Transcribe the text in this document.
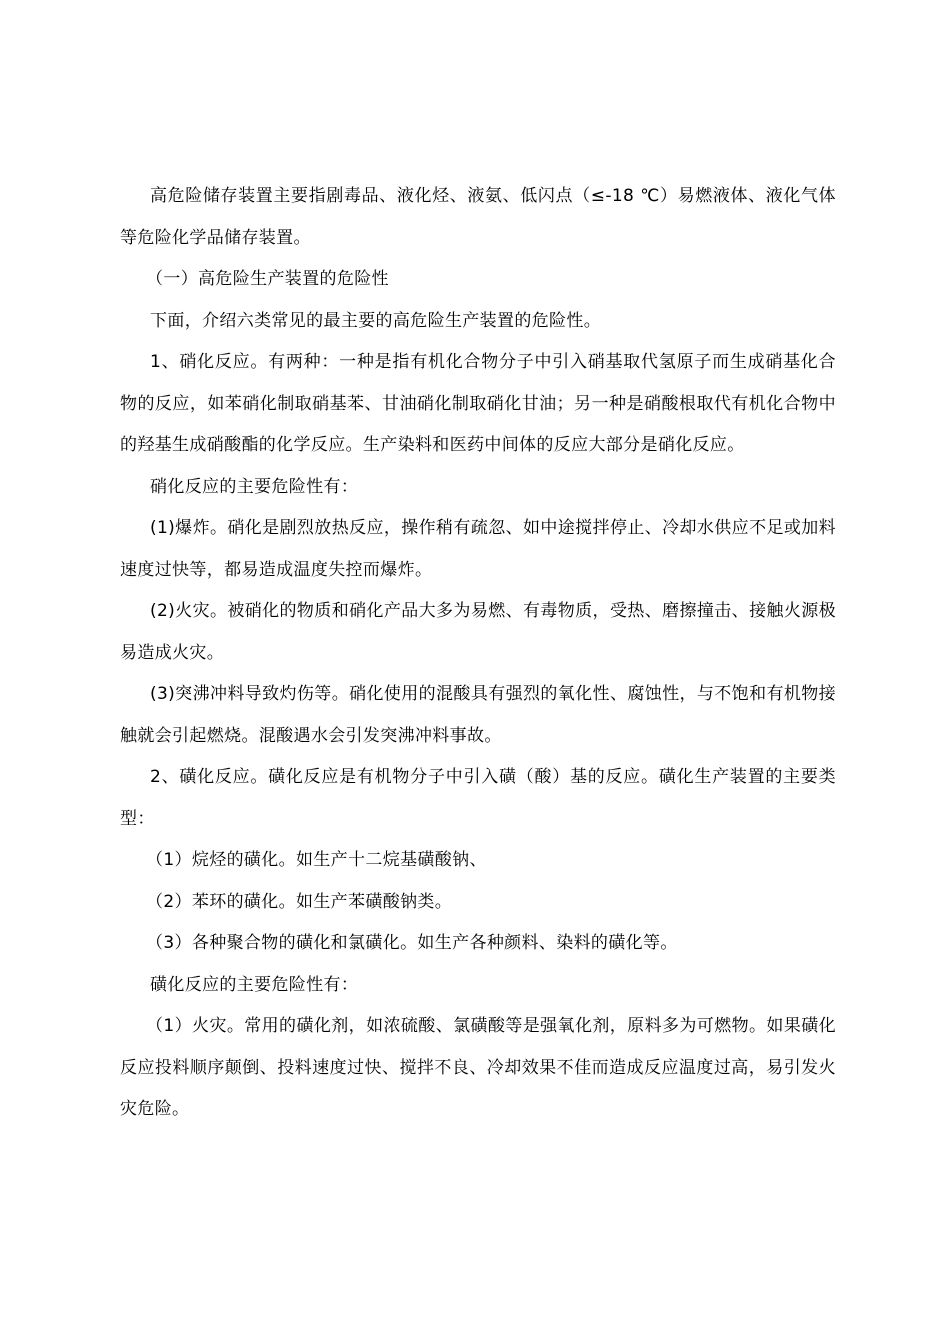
高危险储存装置主要指剧毒品、液化烃、液氨、低闪点（≤-18 ℃）易燃液体、液化气体等危险化学品储存装置。

（一）高危险生产装置的危险性

下面，介绍六类常见的最主要的高危险生产装置的危险性。

1、硝化反应。有两种：一种是指有机化合物分子中引入硝基取代氢原子而生成硝基化合物的反应，如苯硝化制取硝基苯、甘油硝化制取硝化甘油；另一种是硝酸根取代有机化合物中的羟基生成硝酸酯的化学反应。生产染料和医药中间体的反应大部分是硝化反应。

硝化反应的主要危险性有：

(1)爆炸。硝化是剧烈放热反应，操作稍有疏忽、如中途搅拌停止、冷却水供应不足或加料速度过快等，都易造成温度失控而爆炸。

(2)火灾。被硝化的物质和硝化产品大多为易燃、有毒物质，受热、磨擦撞击、接触火源极易造成火灾。

(3)突沸冲料导致灼伤等。硝化使用的混酸具有强烈的氧化性、腐蚀性，与不饱和有机物接触就会引起燃烧。混酸遇水会引发突沸冲料事故。

2、磺化反应。磺化反应是有机物分子中引入磺（酸）基的反应。磺化生产装置的主要类型：

（1）烷烃的磺化。如生产十二烷基磺酸钠、

（2）苯环的磺化。如生产苯磺酸钠类。

（3）各种聚合物的磺化和氯磺化。如生产各种颜料、染料的磺化等。

磺化反应的主要危险性有：

（1）火灾。常用的磺化剂，如浓硫酸、氯磺酸等是强氧化剂，原料多为可燃物。如果磺化反应投料顺序颠倒、投料速度过快、搅拌不良、冷却效果不佳而造成反应温度过高，易引发火灾危险。
